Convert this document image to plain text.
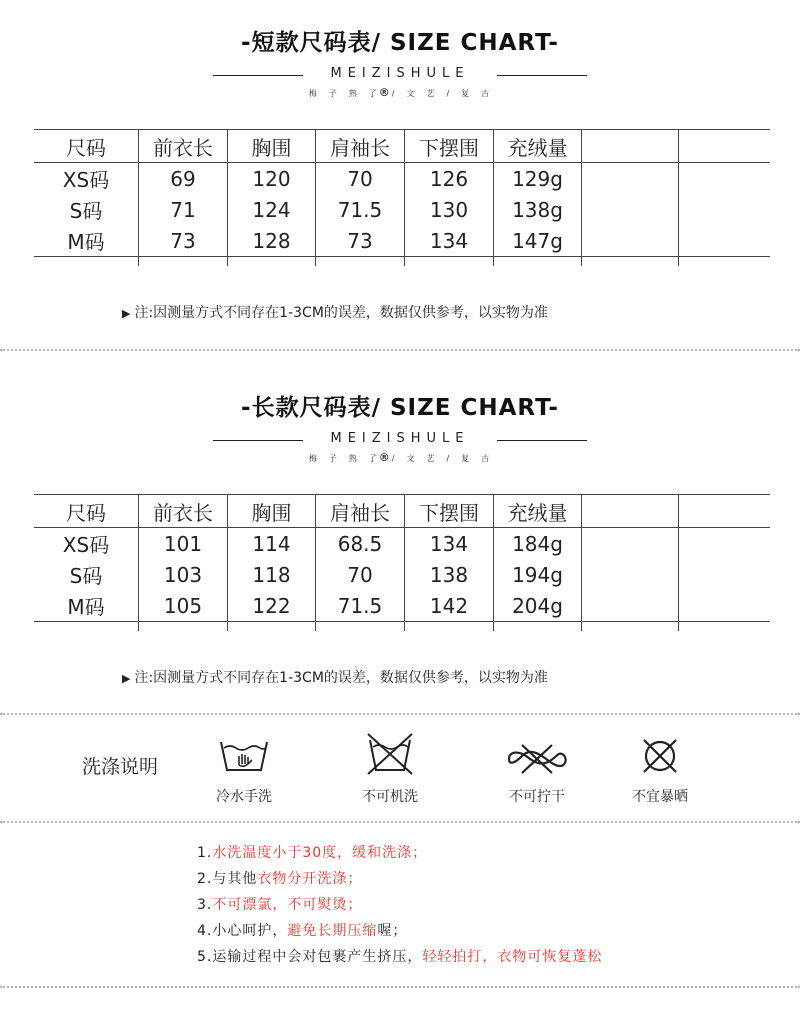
-短款尺码表/ SIZE CHART-
MEIZISHULE
梅　子　熟　了®/　文　艺　/　复　古
尺码	前衣长	胸围	肩袖长	下摆围	充绒量		
XS码	69	120	70	126	129g		
S码	71	124	71.5	130	138g		
M码	73	128	73	134	147g		

▶ 注:因测量方式不同存在1-3CM的误差，数据仅供参考，以实物为准
-长款尺码表/ SIZE CHART-
MEIZISHULE
梅　子　熟　了®/　文　艺　/　复　古
尺码	前衣长	胸围	肩袖长	下摆围	充绒量		
XS码	101	114	68.5	134	184g		
S码	103	118	70	138	194g		
M码	105	122	71.5	142	204g		

▶ 注:因测量方式不同存在1-3CM的误差，数据仅供参考，以实物为准
洗涤说明
冷水手洗	不可机洗	不可拧干	不宜暴晒
1.水洗温度小于30度，缓和洗涤；
2.与其他衣物分开洗涤；
3.不可漂氯，不可熨烫；
4.小心呵护，避免长期压缩喔；
5.运输过程中会对包裹产生挤压，轻轻拍打，衣物可恢复蓬松
